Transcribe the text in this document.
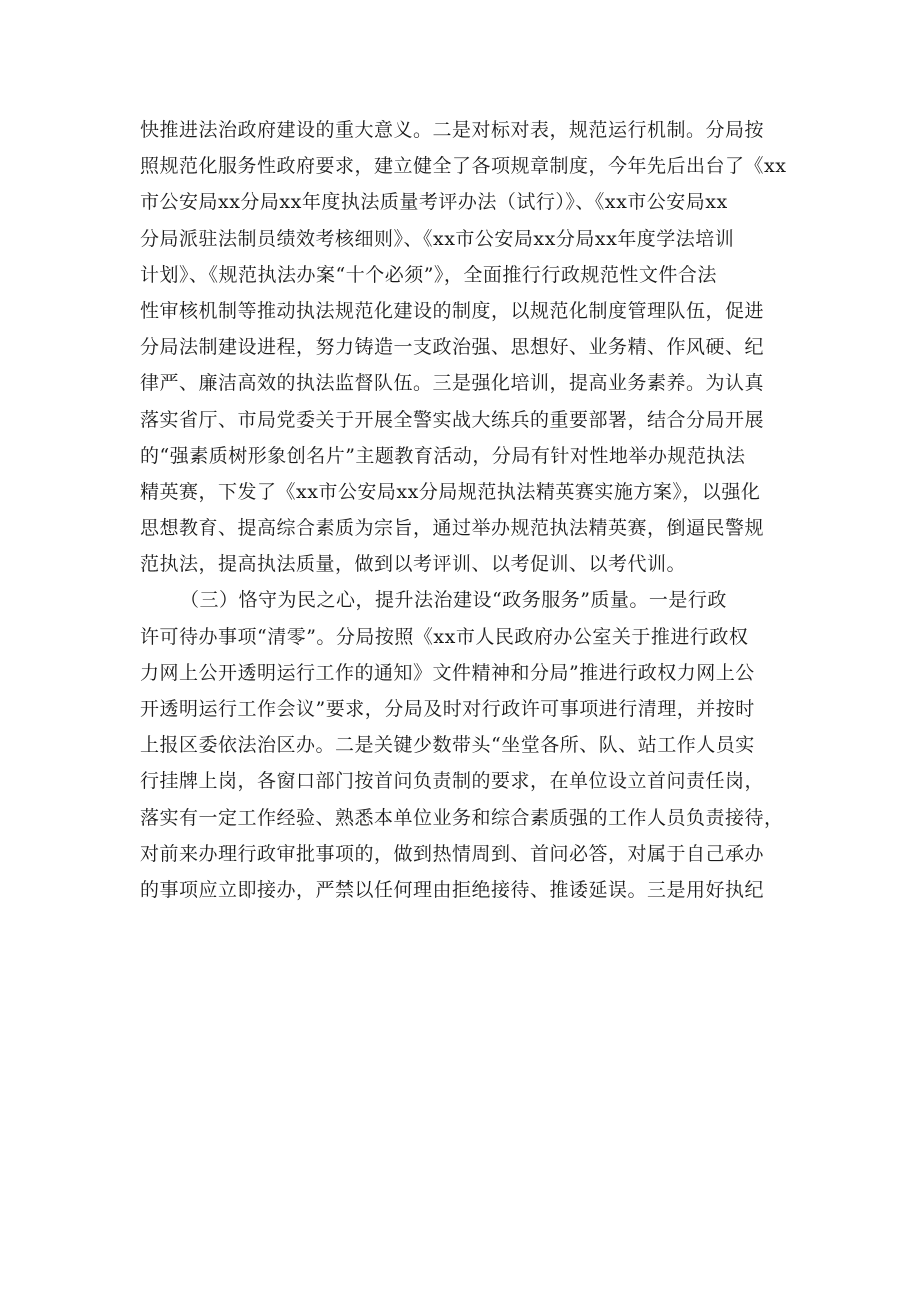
快推进法治政府建设的重大意义。二是对标对表，规范运行机制。分局按
照规范化服务性政府要求，建立健全了各项规章制度，今年先后出台了《xx
市公安局xx分局xx年度执法质量考评办法（试行）》、《xx市公安局xx
分局派驻法制员绩效考核细则》、《xx市公安局xx分局xx年度学法培训
计划》、《规范执法办案“十个必须”》，全面推行行政规范性文件合法
性审核机制等推动执法规范化建设的制度，以规范化制度管理队伍，促进
分局法制建设进程，努力铸造一支政治强、思想好、业务精、作风硬、纪
律严、廉洁高效的执法监督队伍。三是强化培训，提高业务素养。为认真
落实省厅、市局党委关于开展全警实战大练兵的重要部署，结合分局开展
的“强素质树形象创名片”主题教育活动，分局有针对性地举办规范执法
精英赛，下发了《xx市公安局xx分局规范执法精英赛实施方案》，以强化
思想教育、提高综合素质为宗旨，通过举办规范执法精英赛，倒逼民警规
范执法，提高执法质量，做到以考评训、以考促训、以考代训。
（三）恪守为民之心，提升法治建设“政务服务”质量。一是行政
许可待办事项“清零”。分局按照《xx市人民政府办公室关于推进行政权
力网上公开透明运行工作的通知》文件精神和分局”推进行政权力网上公
开透明运行工作会议”要求，分局及时对行政许可事项进行清理，并按时
上报区委依法治区办。二是关键少数带头“坐堂各所、队、站工作人员实
行挂牌上岗，各窗口部门按首问负责制的要求，在单位设立首问责任岗，
落实有一定工作经验、熟悉本单位业务和综合素质强的工作人员负责接待，
对前来办理行政审批事项的，做到热情周到、首问必答，对属于自己承办
的事项应立即接办，严禁以任何理由拒绝接待、推诿延误。三是用好执纪
